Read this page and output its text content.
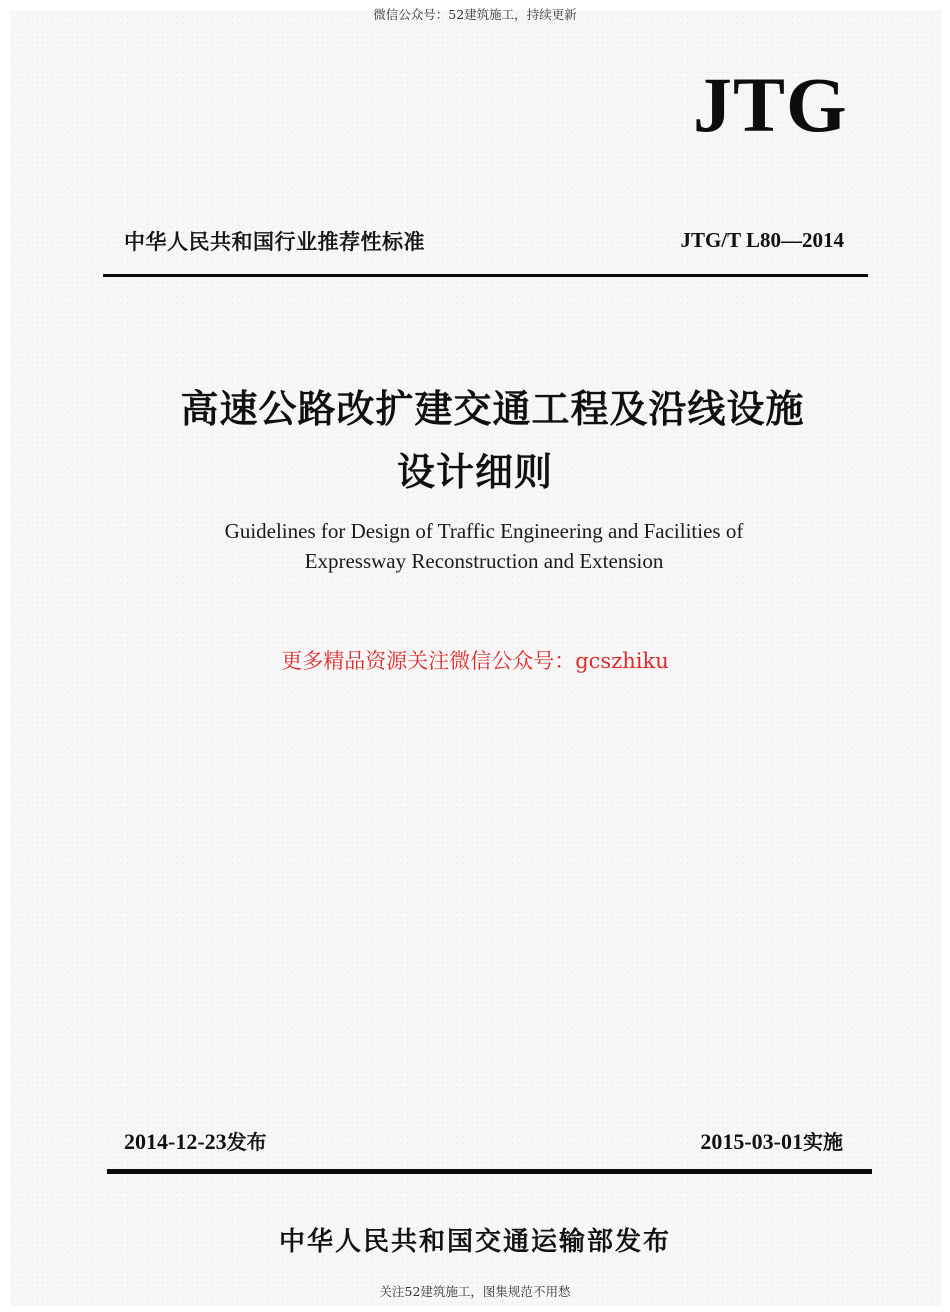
微信公众号：52建筑施工，持续更新
JTG
中华人民共和国行业推荐性标准	JTG/T L80—2014
高速公路改扩建交通工程及沿线设施
设计细则
Guidelines for Design of Traffic Engineering and Facilities of
Expressway Reconstruction and Extension
更多精品资源关注微信公众号：gcszhiku
2014-12-23发布	2015-03-01实施
中华人民共和国交通运输部发布
关注52建筑施工，图集规范不用愁
